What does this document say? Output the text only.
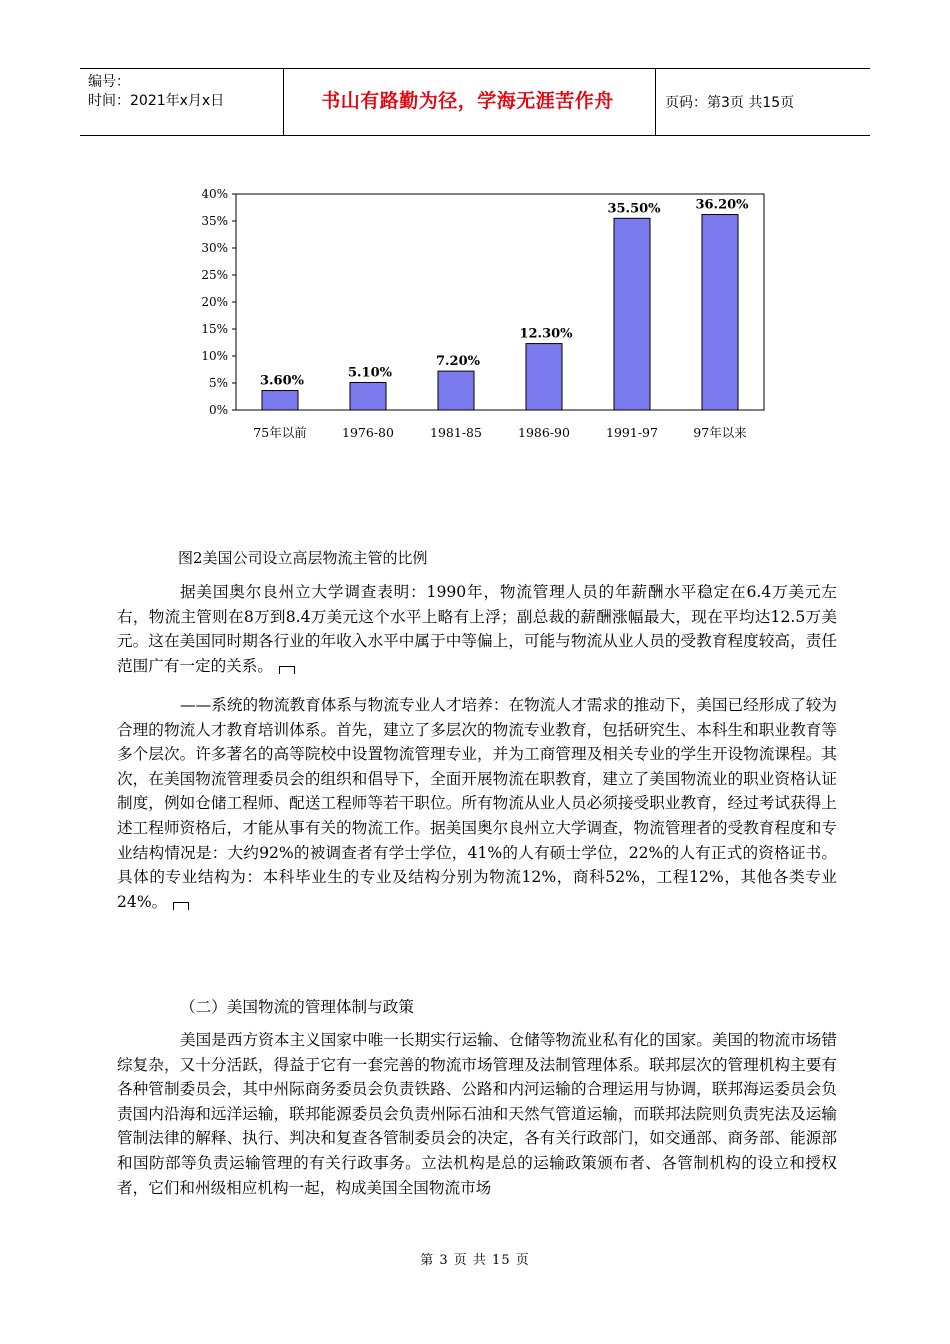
编号：
时间：2021年x月x日	书山有路勤为径，学海无涯苦作舟	页码：第3页 共15页
0%
5%
10%
15%
20%
25%
30%
35%
40%
3.60%
75年以前
5.10%
1976-80
7.20%
1981-85
12.30%
1986-90
35.50%
1991-97
36.20%
97年以来
图2美国公司设立高层物流主管的比例
据美国奥尔良州立大学调查表明：1990年，物流管理人员的年薪酬水平稳定在6.4万美元左右，物流主管则在8万到8.4万美元这个水平上略有上浮；副总裁的薪酬涨幅最大，现在平均达12.5万美元。这在美国同时期各行业的年收入水平中属于中等偏上，可能与物流从业人员的受教育程度较高，责任范围广有一定的关系。
——系统的物流教育体系与物流专业人才培养：在物流人才需求的推动下，美国已经形成了较为合理的物流人才教育培训体系。首先，建立了多层次的物流专业教育，包括研究生、本科生和职业教育等多个层次。许多著名的高等院校中设置物流管理专业，并为工商管理及相关专业的学生开设物流课程。其次，在美国物流管理委员会的组织和倡导下，全面开展物流在职教育，建立了美国物流业的职业资格认证制度，例如仓储工程师、配送工程师等若干职位。所有物流从业人员必须接受职业教育，经过考试获得上述工程师资格后，才能从事有关的物流工作。据美国奥尔良州立大学调查，物流管理者的受教育程度和专业结构情况是：大约92%的被调查者有学士学位，41%的人有硕士学位，22%的人有正式的资格证书。具体的专业结构为：本科毕业生的专业及结构分别为物流12%，商科52%，工程12%，其他各类专业24%。
（二）美国物流的管理体制与政策
美国是西方资本主义国家中唯一长期实行运输、仓储等物流业私有化的国家。美国的物流市场错综复杂，又十分活跃，得益于它有一套完善的物流市场管理及法制管理体系。联邦层次的管理机构主要有各种管制委员会，其中州际商务委员会负责铁路、公路和内河运输的合理运用与协调，联邦海运委员会负责国内沿海和远洋运输，联邦能源委员会负责州际石油和天然气管道运输，而联邦法院则负责宪法及运输管制法律的解释、执行、判决和复查各管制委员会的决定，各有关行政部门，如交通部、商务部、能源部和国防部等负责运输管理的有关行政事务。立法机构是总的运输政策颁布者、各管制机构的设立和授权者，它们和州级相应机构一起，构成美国全国物流市场
第 3 页 共 15 页
